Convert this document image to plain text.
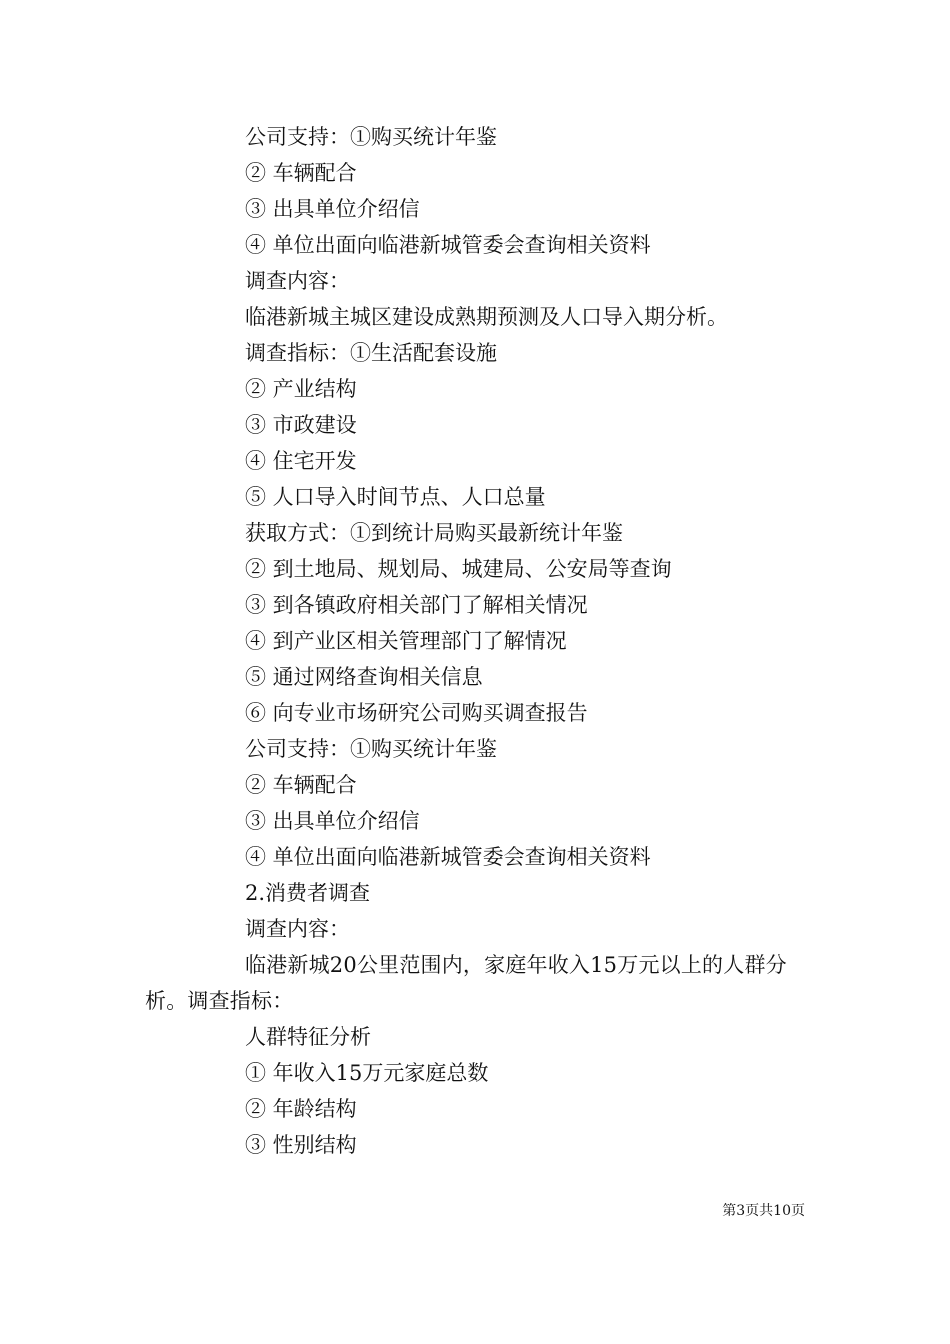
公司支持：①购买统计年鉴
② 车辆配合
③ 出具单位介绍信
④ 单位出面向临港新城管委会查询相关资料
调查内容：
临港新城主城区建设成熟期预测及人口导入期分析。
调查指标：①生活配套设施
② 产业结构
③ 市政建设
④ 住宅开发
⑤ 人口导入时间节点、人口总量
获取方式：①到统计局购买最新统计年鉴
② 到土地局、规划局、城建局、公安局等查询
③ 到各镇政府相关部门了解相关情况
④ 到产业区相关管理部门了解情况
⑤ 通过网络查询相关信息
⑥ 向专业市场研究公司购买调查报告
公司支持：①购买统计年鉴
② 车辆配合
③ 出具单位介绍信
④ 单位出面向临港新城管委会查询相关资料
2.消费者调查
调查内容：
临港新城20公里范围内，家庭年收入15万元以上的人群分析。调查指标：
人群特征分析
① 年收入15万元家庭总数
② 年龄结构
③ 性别结构
第3页共10页
